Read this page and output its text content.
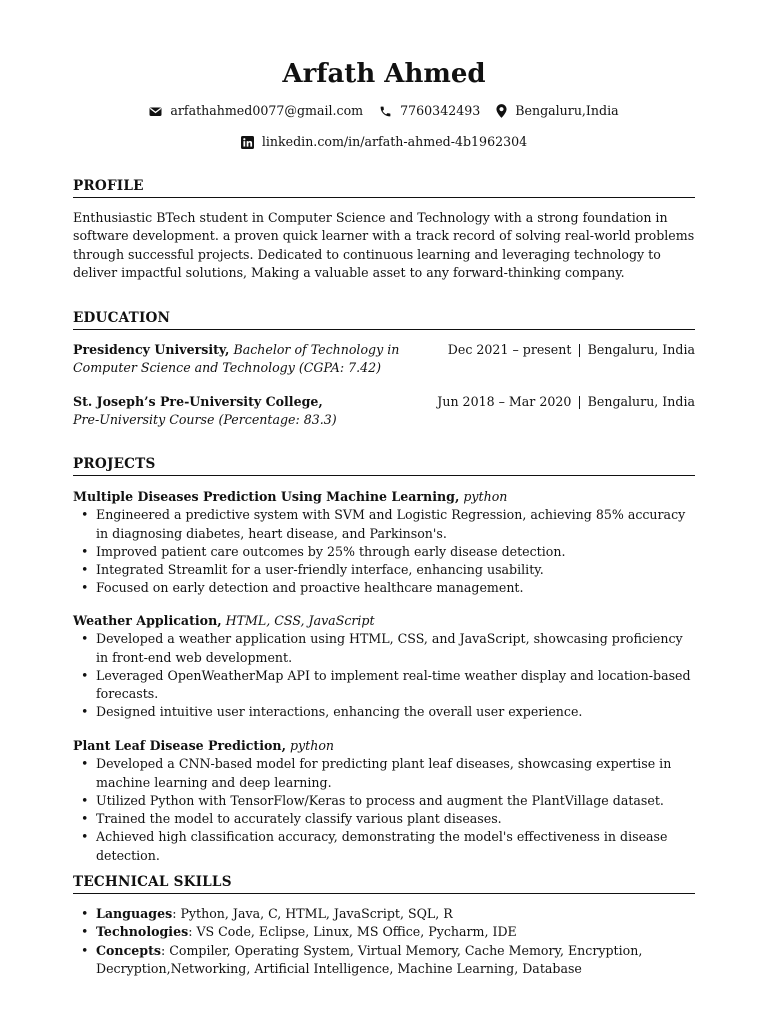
Arfath Ahmed
arfathahmed0077@gmail.com	7760342493	Bengaluru,India
linkedin.com/in/arfath-ahmed-4b1962304
PROFILE
Enthusiastic BTech student in Computer Science and Technology with a strong foundation in software development. a proven quick learner with a track record of solving real-world problems through successful projects. Dedicated to continuous learning and leveraging technology to deliver impactful solutions, Making a valuable asset to any forward-thinking company.
EDUCATION
Presidency University, Bachelor of Technology in
Computer Science and Technology (CGPA: 7.42)
Dec 2021 – present | Bengaluru, India
St. Joseph’s Pre-University College,
Pre-University Course (Percentage: 83.3)
Jun 2018 – Mar 2020 | Bengaluru, India
PROJECTS
Multiple Diseases Prediction Using Machine Learning, python
• Engineered a predictive system with SVM and Logistic Regression, achieving 85% accuracy in diagnosing diabetes, heart disease, and Parkinson's.
• Improved patient care outcomes by 25% through early disease detection.
• Integrated Streamlit for a user-friendly interface, enhancing usability.
• Focused on early detection and proactive healthcare management.
Weather Application, HTML, CSS, JavaScript
• Developed a weather application using HTML, CSS, and JavaScript, showcasing proficiency in front-end web development.
• Leveraged OpenWeatherMap API to implement real-time weather display and location-based forecasts.
• Designed intuitive user interactions, enhancing the overall user experience.
Plant Leaf Disease Prediction, python
• Developed a CNN-based model for predicting plant leaf diseases, showcasing expertise in machine learning and deep learning.
• Utilized Python with TensorFlow/Keras to process and augment the PlantVillage dataset.
• Trained the model to accurately classify various plant diseases.
• Achieved high classification accuracy, demonstrating the model's effectiveness in disease detection.
TECHNICAL SKILLS
• Languages: Python, Java, C, HTML, JavaScript, SQL, R
• Technologies: VS Code, Eclipse, Linux, MS Office, Pycharm, IDE
• Concepts: Compiler, Operating System, Virtual Memory, Cache Memory, Encryption, Decryption,Networking, Artificial Intelligence, Machine Learning, Database
